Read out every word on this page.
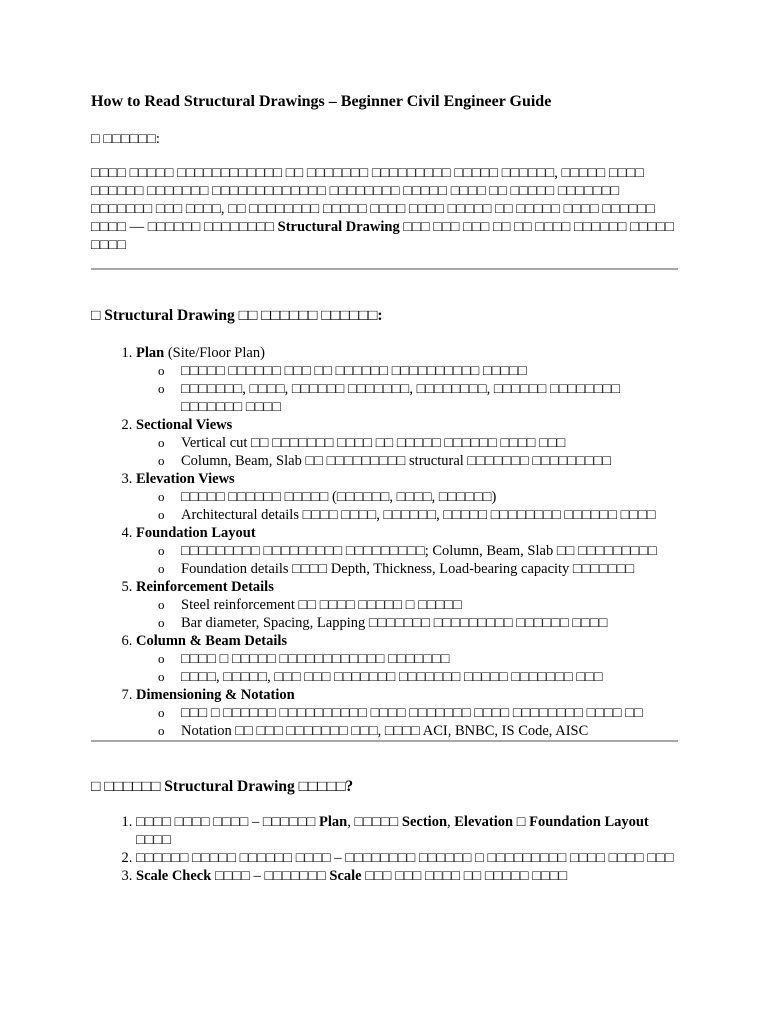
How to Read Structural Drawings – Beginner Civil Engineer Guide
□ □□□□□□:
□□□□ □□□□□ □□□□□□□□□□□□ □□ □□□□□□□ □□□□□□□□□ □□□□□ □□□□□□, □□□□□ □□□□ □□□□□□ □□□□□□□ □□□□□□□□□□□□□ □□□□□□□□ □□□□□ □□□□ □□ □□□□□ □□□□□□□ □□□□□□□ □□□ □□□□, □□ □□□□□□□□ □□□□□ □□□□ □□□□ □□□□□ □□ □□□□□ □□□□ □□□□□□ □□□□ — □□□□□□ □□□□□□□□ Structural Drawing □□□ □□□ □□□ □□ □□ □□□□ □□□□□□ □□□□□ □□□□
□ Structural Drawing □□ □□□□□□ □□□□□□:
1. Plan (Site/Floor Plan)
o □□□□□ □□□□□□ □□□ □□ □□□□□□ □□□□□□□□□□ □□□□□
o □□□□□□□, □□□□, □□□□□□ □□□□□□□, □□□□□□□□, □□□□□□ □□□□□□□□ □□□□□□□ □□□□
2. Sectional Views
o Vertical cut □□ □□□□□□□ □□□□ □□ □□□□□ □□□□□□ □□□□ □□□
o Column, Beam, Slab □□ □□□□□□□□□ structural □□□□□□□ □□□□□□□□□
3. Elevation Views
o □□□□□ □□□□□□ □□□□□ (□□□□□□, □□□□, □□□□□□)
o Architectural details □□□□ □□□□, □□□□□□, □□□□□ □□□□□□□□ □□□□□□ □□□□
4. Foundation Layout
o □□□□□□□□□ □□□□□□□□□ □□□□□□□□□; Column, Beam, Slab □□ □□□□□□□□□
o Foundation details □□□□ Depth, Thickness, Load-bearing capacity □□□□□□□
5. Reinforcement Details
o Steel reinforcement □□ □□□□ □□□□□ □ □□□□□
o Bar diameter, Spacing, Lapping □□□□□□□ □□□□□□□□□ □□□□□□ □□□□
6. Column & Beam Details
o □□□□ □ □□□□□ □□□□□□□□□□□□ □□□□□□□
o □□□□, □□□□□, □□□ □□□ □□□□□□□ □□□□□□□ □□□□□ □□□□□□□ □□□
7. Dimensioning & Notation
o □□□ □ □□□□□□ □□□□□□□□□□ □□□□ □□□□□□□ □□□□ □□□□□□□□ □□□□ □□
o Notation □□ □□□ □□□□□□□ □□□, □□□□ ACI, BNBC, IS Code, AISC
□ □□□□□□ Structural Drawing □□□□□?
1. □□□□ □□□□ □□□□ – □□□□□□ Plan, □□□□□ Section, Elevation □ Foundation Layout □□□□
2. □□□□□□ □□□□□ □□□□□□ □□□□ – □□□□□□□□ □□□□□□ □ □□□□□□□□□ □□□□ □□□□ □□□
3. Scale Check □□□□ – □□□□□□□ Scale □□□ □□□ □□□□ □□ □□□□□ □□□□
